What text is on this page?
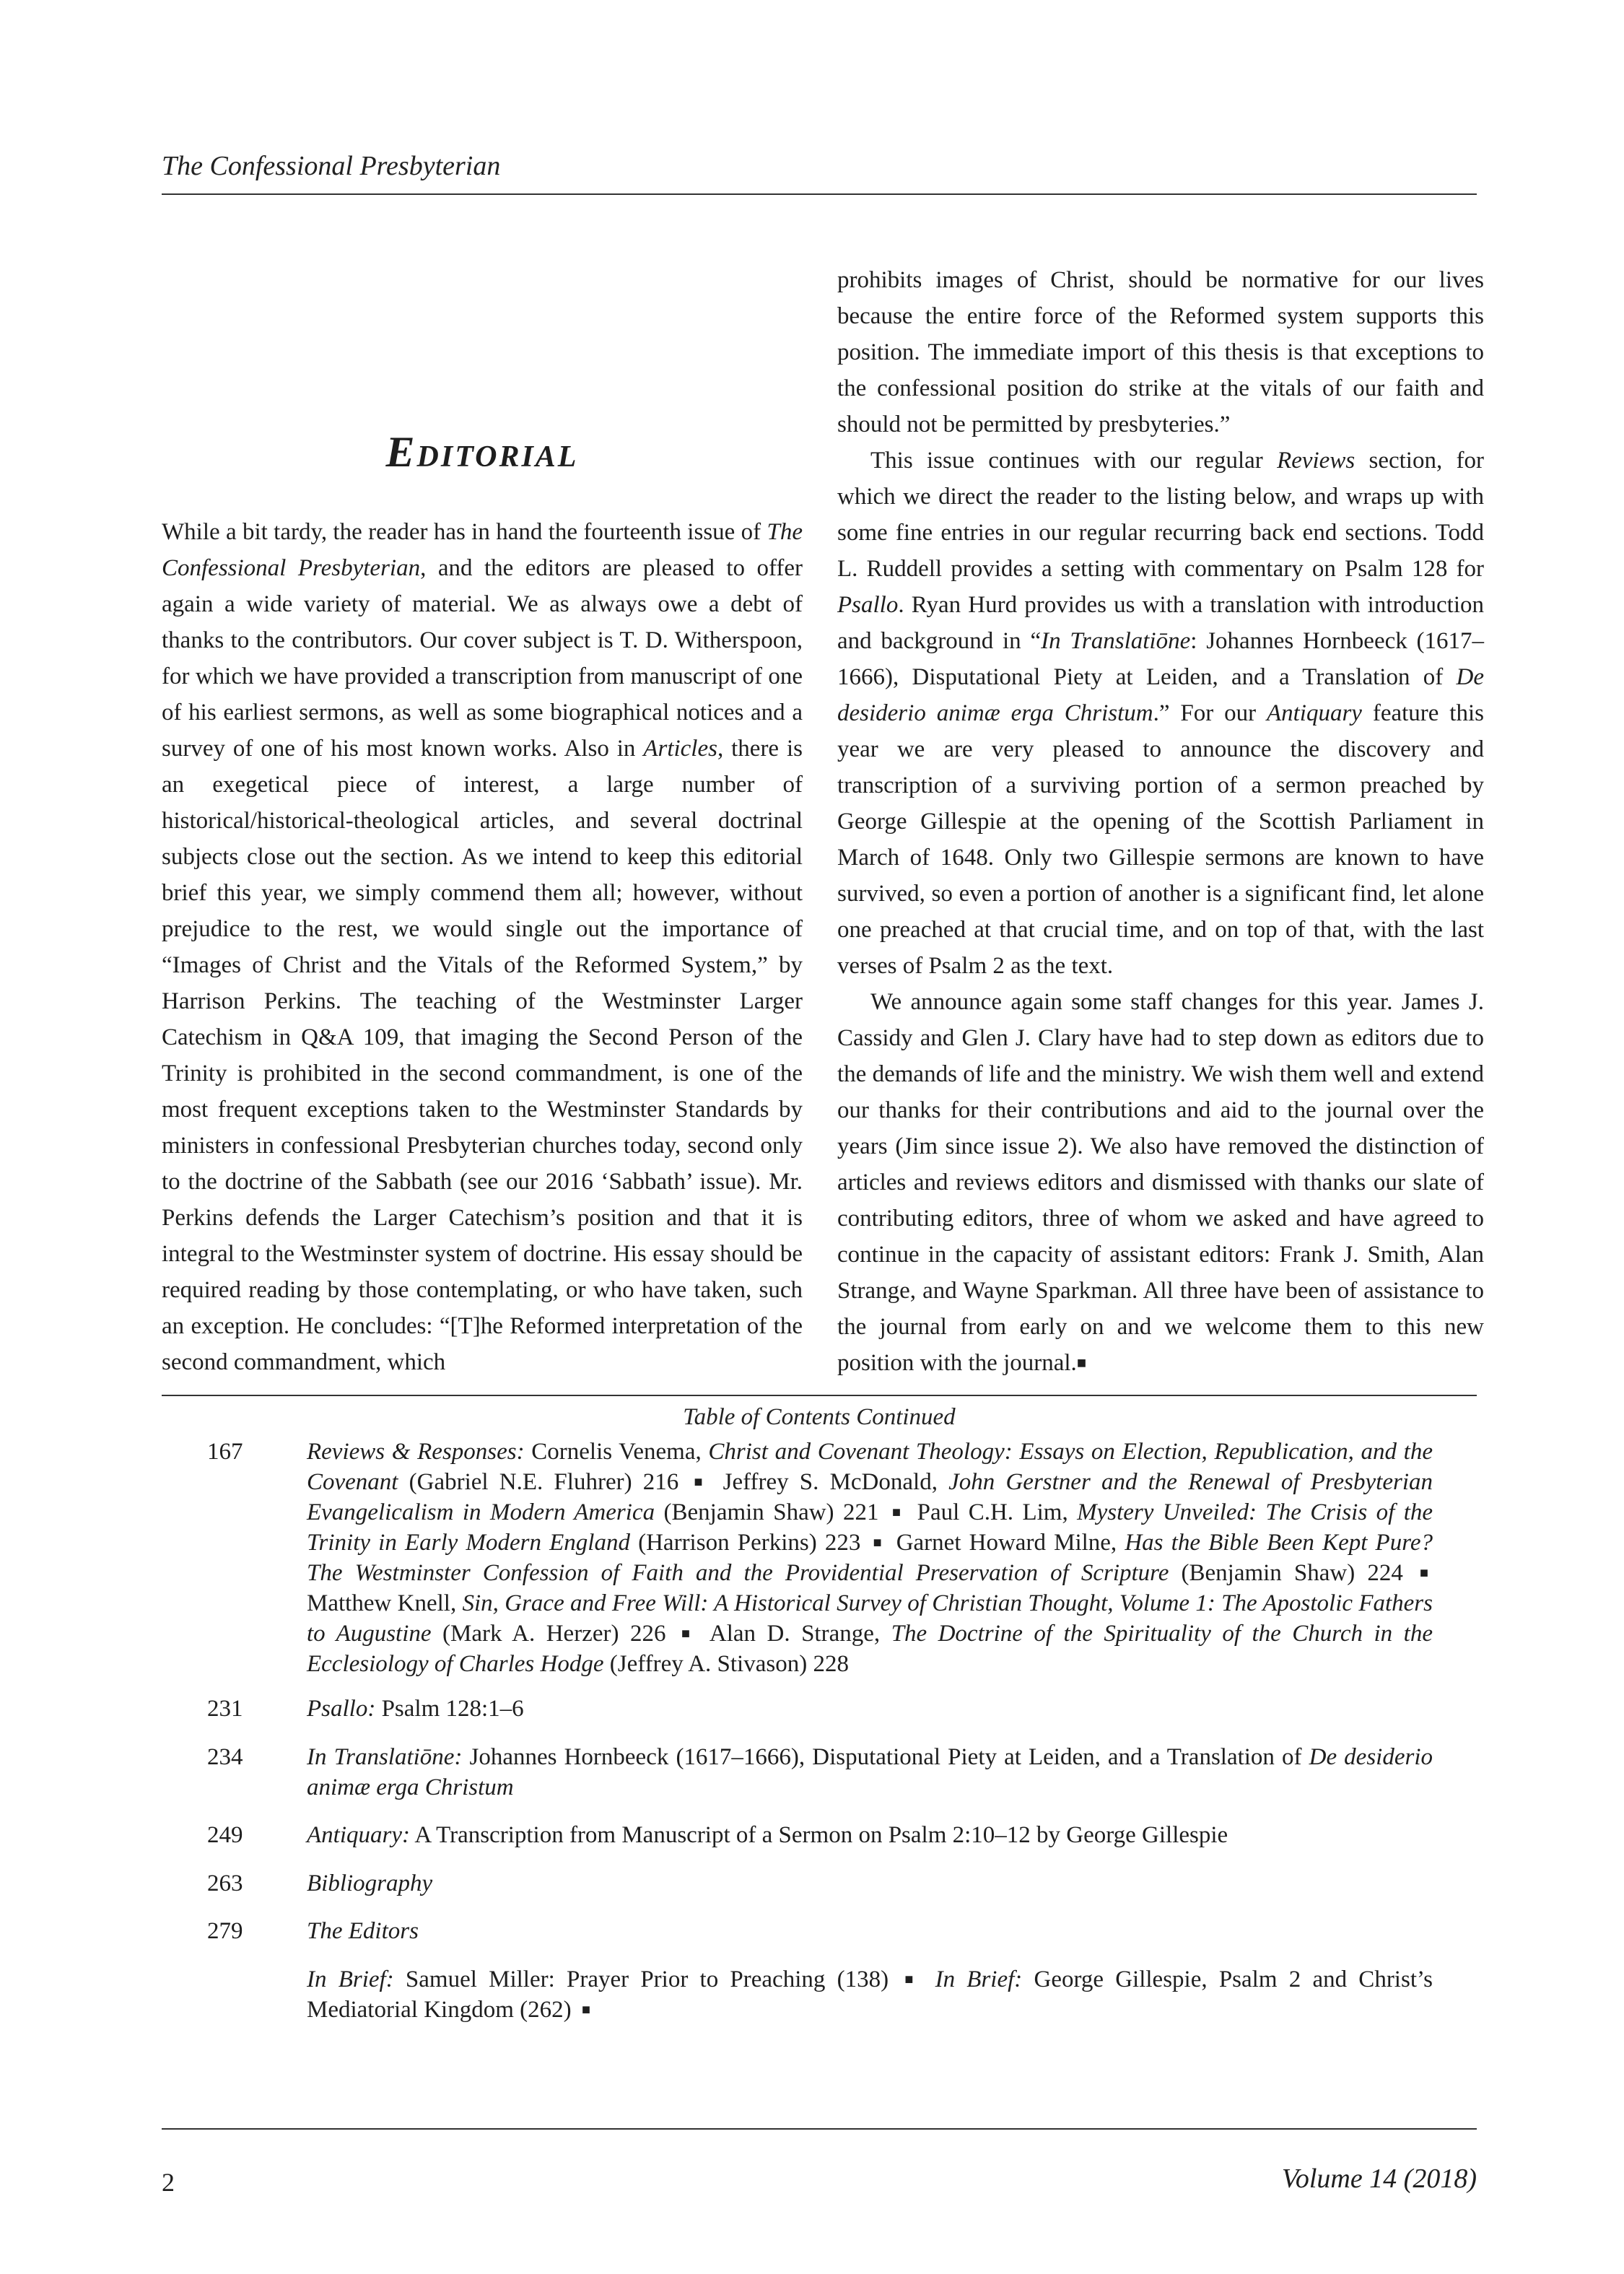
The Confessional Presbyterian
Editorial

While a bit tardy, the reader has in hand the fourteenth issue of The Confessional Presbyterian, and the editors are pleased to offer again a wide variety of material. We as always owe a debt of thanks to the contributors. Our cover subject is T. D. Witherspoon, for which we have provided a transcription from manuscript of one of his earliest sermons, as well as some biographical notices and a survey of one of his most known works. Also in Articles, there is an exegetical piece of interest, a large number of historical/historical-theological articles, and several doctrinal subjects close out the section. As we intend to keep this editorial brief this year, we simply commend them all; however, without prejudice to the rest, we would single out the importance of “Images of Christ and the Vitals of the Reformed System,” by Harrison Perkins. The teaching of the Westminster Larger Catechism in Q&A 109, that imaging the Second Person of the Trinity is prohibited in the second commandment, is one of the most frequent exceptions taken to the Westminster Standards by ministers in confessional Presbyterian churches today, second only to the doctrine of the Sabbath (see our 2016 ‘Sabbath’ issue). Mr. Perkins defends the Larger Catechism’s position and that it is integral to the Westminster system of doctrine. His essay should be required reading by those contemplating, or who have taken, such an exception. He concludes: “[T]he Reformed interpretation of the second commandment, which

prohibits images of Christ, should be normative for our lives because the entire force of the Reformed system supports this position. The immediate import of this thesis is that exceptions to the confessional position do strike at the vitals of our faith and should not be permitted by presbyteries.”

This issue continues with our regular Reviews section, for which we direct the reader to the listing below, and wraps up with some fine entries in our regular recurring back end sections. Todd L. Ruddell provides a setting with commentary on Psalm 128 for Psallo. Ryan Hurd provides us with a translation with introduction and background in “In Translatiōne: Johannes Hornbeeck (1617–1666), Disputational Piety at Leiden, and a Translation of De desiderio animæ erga Christum.” For our Antiquary feature this year we are very pleased to announce the discovery and transcription of a surviving portion of a sermon preached by George Gillespie at the opening of the Scottish Parliament in March of 1648. Only two Gillespie sermons are known to have survived, so even a portion of another is a significant find, let alone one preached at that crucial time, and on top of that, with the last verses of Psalm 2 as the text.

We announce again some staff changes for this year. James J. Cassidy and Glen J. Clary have had to step down as editors due to the demands of life and the ministry. We wish them well and extend our thanks for their contributions and aid to the journal over the years (Jim since issue 2). We also have removed the distinction of articles and reviews editors and dismissed with thanks our slate of contributing editors, three of whom we asked and have agreed to continue in the capacity of assistant editors: Frank J. Smith, Alan Strange, and Wayne Sparkman. All three have been of assistance to the journal from early on and we welcome them to this new position with the journal.■

Table of Contents Continued
167	Reviews & Responses: Cornelis Venema, Christ and Covenant Theology: Essays on Election, Republication, and the Covenant (Gabriel N.E. Fluhrer) 216 ■ Jeffrey S. McDonald, John Gerstner and the Renewal of Presbyterian Evangelicalism in Modern America (Benjamin Shaw) 221 ■ Paul C.H. Lim, Mystery Unveiled: The Crisis of the Trinity in Early Modern England (Harrison Perkins) 223 ■ Garnet Howard Milne, Has the Bible Been Kept Pure? The Westminster Confession of Faith and the Providential Preservation of Scripture (Benjamin Shaw) 224 ■ Matthew Knell, Sin, Grace and Free Will: A Historical Survey of Christian Thought, Volume 1: The Apostolic Fathers to Augustine (Mark A. Herzer) 226 ■ Alan D. Strange, The Doctrine of the Spirituality of the Church in the Ecclesiology of Charles Hodge (Jeffrey A. Stivason) 228
231	Psallo: Psalm 128:1–6
234	In Translatiōne: Johannes Hornbeeck (1617–1666), Disputational Piety at Leiden, and a Translation of De desiderio animæ erga Christum
249	Antiquary: A Transcription from Manuscript of a Sermon on Psalm 2:10–12 by George Gillespie
263	Bibliography
279	The Editors
In Brief: Samuel Miller: Prayer Prior to Preaching (138) ■ In Brief: George Gillespie, Psalm 2 and Christ’s Mediatorial Kingdom (262) ■
2	Volume 14 (2018)
